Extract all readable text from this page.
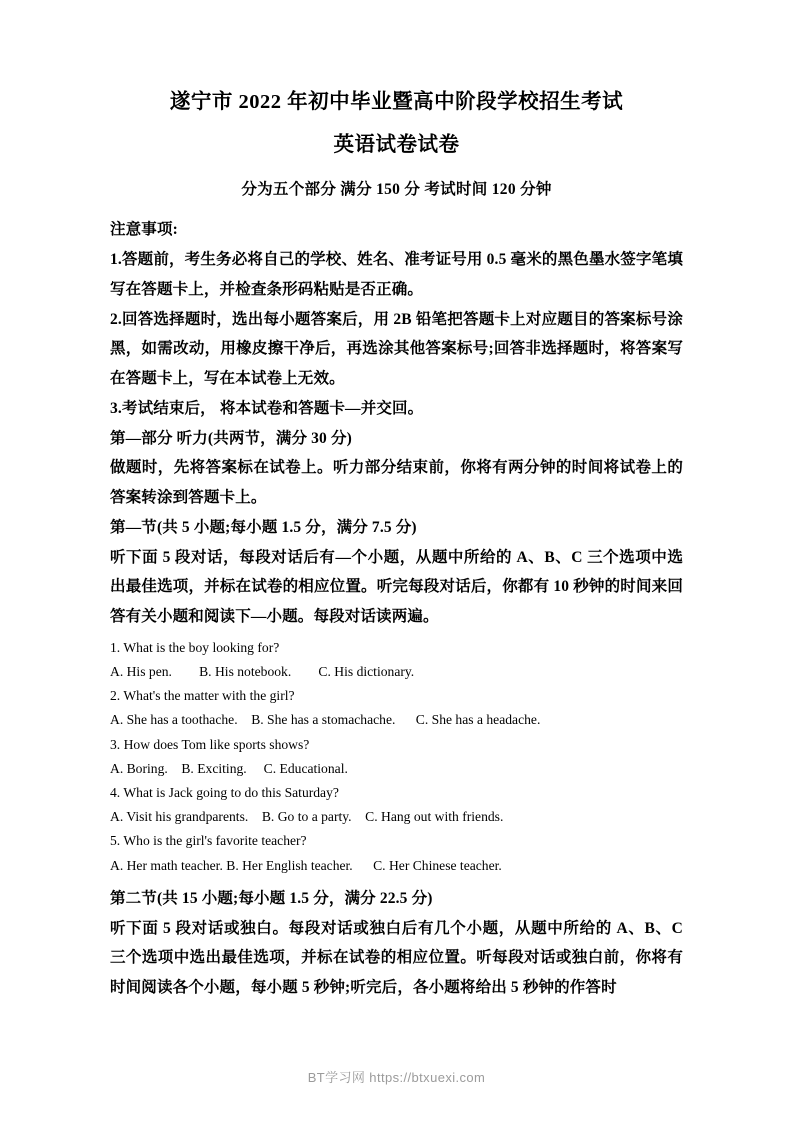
遂宁市 2022 年初中毕业暨高中阶段学校招生考试
英语试卷试卷
分为五个部分 满分 150 分 考试时间 120 分钟

注意事项:

1.答题前，考生务必将自己的学校、姓名、准考证号用 0.5 毫米的黑色墨水签字笔填写在答题卡上，并检查条形码粘贴是否正确。

2.回答选择题时，选出每小题答案后，用 2B 铅笔把答题卡上对应题目的答案标号涂黑，如需改动，用橡皮擦干净后，再选涂其他答案标号;回答非选择题时，将答案写在答题卡上，写在本试卷上无效。

3.考试结束后， 将本试卷和答题卡—并交回。

第—部分 听力(共两节，满分 30 分)

做题时，先将答案标在试卷上。听力部分结束前，你将有两分钟的时间将试卷上的答案转涂到答题卡上。

第—节(共 5 小题;每小题 1.5 分，满分 7.5 分)

听下面 5 段对话，每段对话后有—个小题，从题中所给的 A、B、C 三个选项中选出最佳选项，并标在试卷的相应位置。听完每段对话后，你都有 10 秒钟的时间来回答有关小题和阅读下—小题。每段对话读两遍。

1. What is the boy looking for?

A. His pen.        B. His notebook.        C. His dictionary.

2. What's the matter with the girl?

A. She has a toothache.    B. She has a stomachache.      C. She has a headache.

3. How does Tom like sports shows?

A. Boring.    B. Exciting.     C. Educational.

4. What is Jack going to do this Saturday?

A. Visit his grandparents.    B. Go to a party.    C. Hang out with friends.

5. Who is the girl's favorite teacher?

A. Her math teacher. B. Her English teacher.      C. Her Chinese teacher.

第二节(共 15 小题;每小题 1.5 分，满分 22.5 分)

听下面 5 段对话或独白。每段对话或独白后有几个小题，从题中所给的 A、B、C 三个选项中选出最佳选项，并标在试卷的相应位置。听每段对话或独白前，你将有时间阅读各个小题，每小题 5 秒钟;听完后，各小题将给出 5 秒钟的作答时

BT学习网 https://btxuexi.com
